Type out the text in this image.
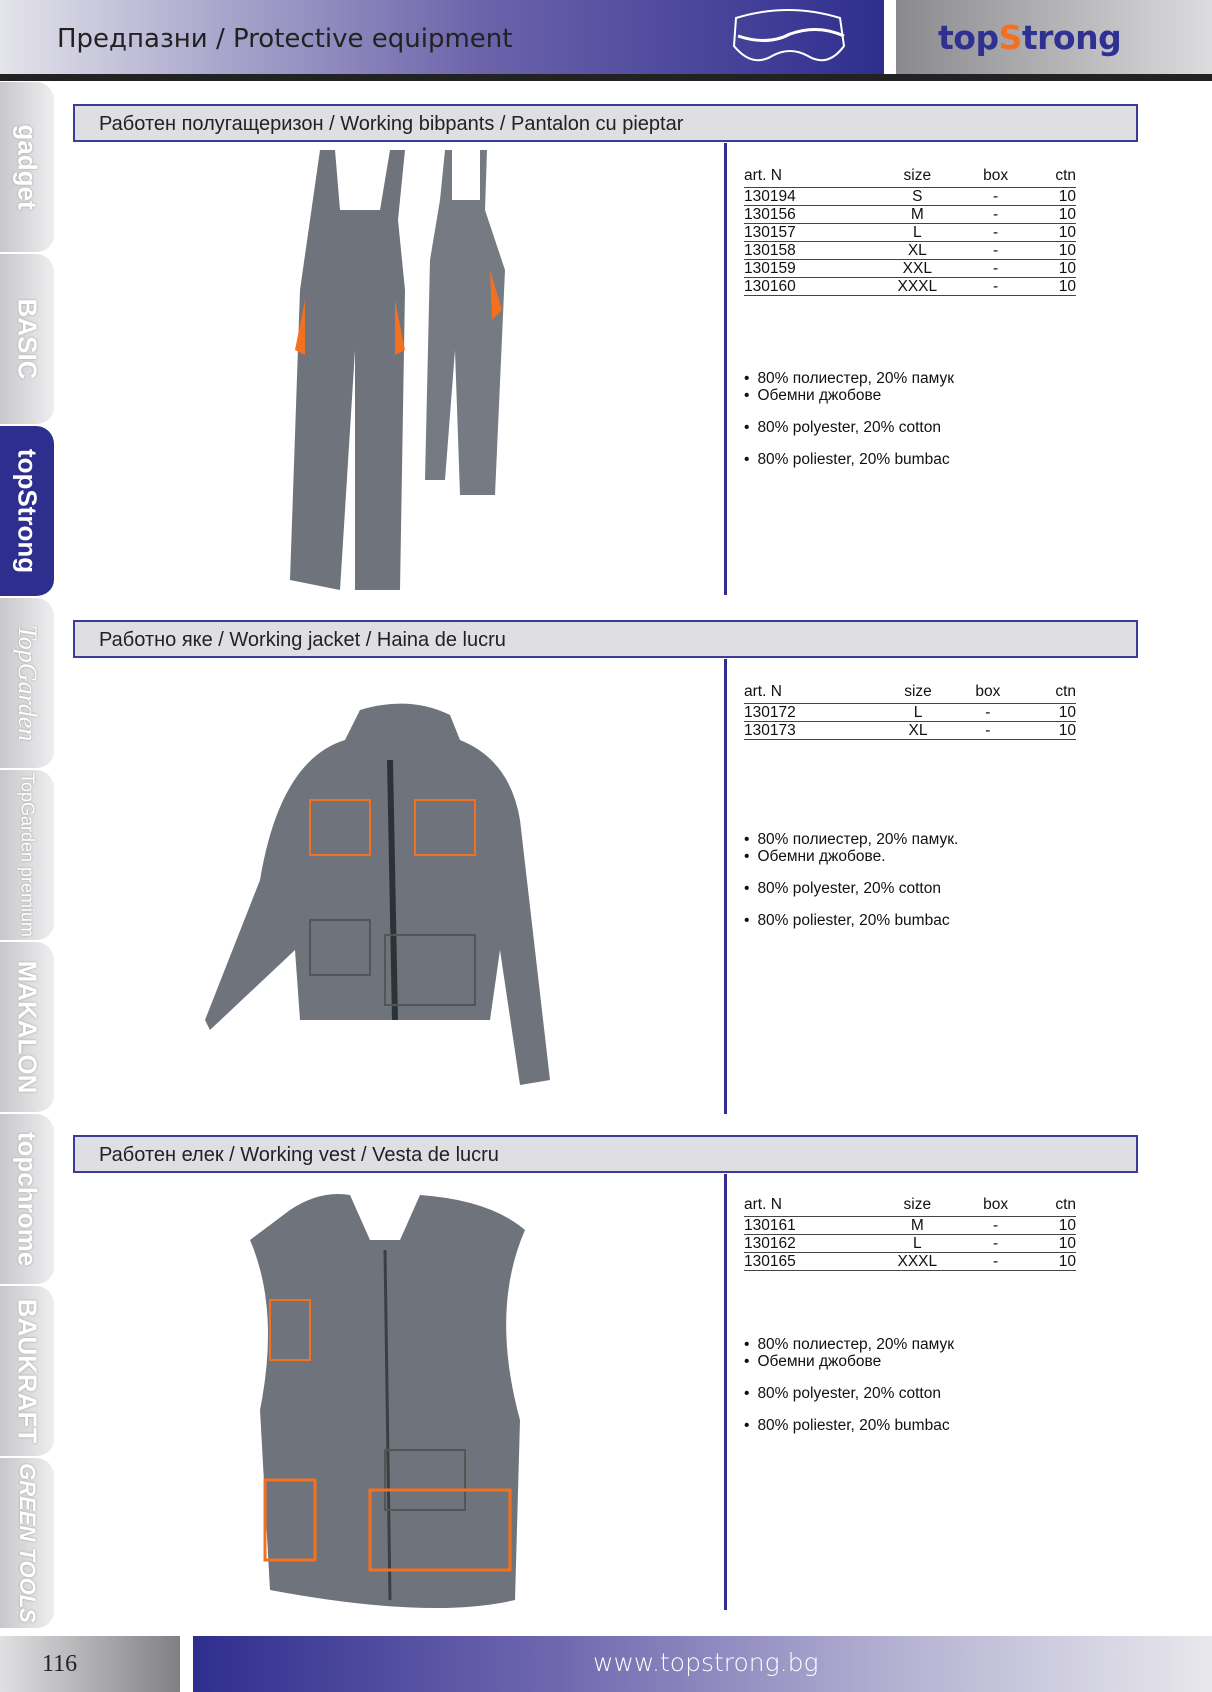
Предпазни / Protective equipment	topStrong
gadget
BASIC
topStrong
TopGarden
TopGarden premium
MAKALON
topchrome
BAUKRAFT
GREEN TOOLS
Работен полугащеризон / Working bibpants / Pantalon cu pieptar
art. N	size	box	ctn
130194	S	-	10
130156	M	-	10
130157	L	-	10
130158	XL	-	10
130159	XXL	-	10
130160	XXXL	-	10
• 80% полиестер, 20% памук
• Обемни джобове
• 80% polyester, 20% cotton
• 80% poliester, 20% bumbac
Работно яке / Working jacket / Haina de lucru
art. N	size	box	ctn
130172	L	-	10
130173	XL	-	10
• 80% полиестер, 20% памук.
• Обемни джобове.
• 80% polyester, 20% cotton
• 80% poliester, 20% bumbac
Работен елек / Working vest / Vesta de lucru
art. N	size	box	ctn
130161	M	-	10
130162	L	-	10
130165	XXXL	-	10
• 80% полиестер, 20% памук
• Обемни джобове
• 80% polyester, 20% cotton
• 80% poliester, 20% bumbac
116	www.topstrong.bg
